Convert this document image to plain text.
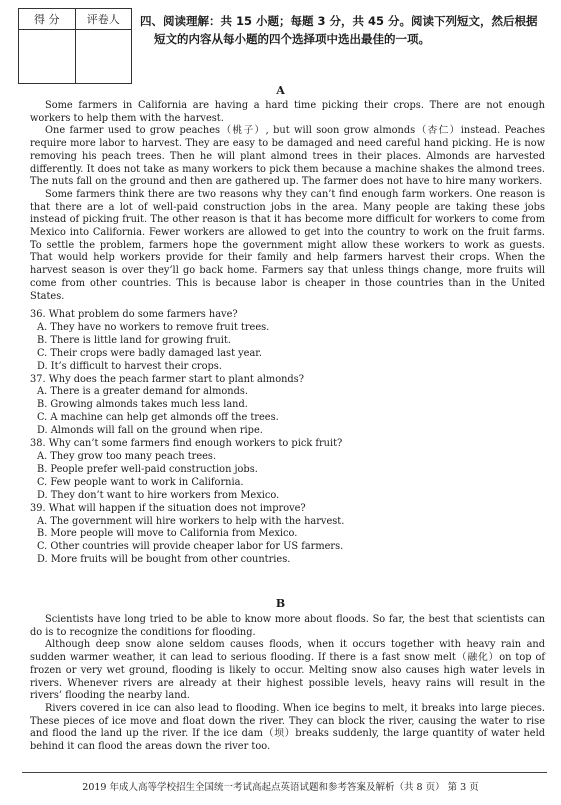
得 分	评卷人	四、阅读理解：共 15 小题；每题 3 分，共 45 分。阅读下列短文，然后根据
短文的内容从每小题的四个选择项中选出最佳的一项。
A

Some farmers in California are having a hard time picking their crops. There are not enough workers to help them with the harvest.

One farmer used to grow peaches（桃子）, but will soon grow almonds（杏仁）instead. Peaches require more labor to harvest. They are easy to be damaged and need careful hand picking. He is now removing his peach trees. Then he will plant almond trees in their places. Almonds are harvested differently. It does not take as many workers to pick them because a machine shakes the almond trees. The nuts fall on the ground and then are gathered up. The farmer does not have to hire many workers.

Some farmers think there are two reasons why they can’t find enough farm workers. One reason is that there are a lot of well-paid construction jobs in the area. Many people are taking these jobs instead of picking fruit. The other reason is that it has become more difficult for workers to come from Mexico into California. Fewer workers are allowed to get into the country to work on the fruit farms. To settle the problem, farmers hope the government might allow these workers to work as guests. That would help workers provide for their family and help farmers harvest their crops. When the harvest season is over they’ll go back home. Farmers say that unless things change, more fruits will come from other countries. This is because labor is cheaper in those countries than in the United States.

36. What problem do some farmers have?

A. They have no workers to remove fruit trees.

B. There is little land for growing fruit.

C. Their crops were badly damaged last year.

D. It’s difficult to harvest their crops.

37. Why does the peach farmer start to plant almonds?

A. There is a greater demand for almonds.

B. Growing almonds takes much less land.

C. A machine can help get almonds off the trees.

D. Almonds will fall on the ground when ripe.

38. Why can’t some farmers find enough workers to pick fruit?

A. They grow too many peach trees.

B. People prefer well-paid construction jobs.

C. Few people want to work in California.

D. They don’t want to hire workers from Mexico.

39. What will happen if the situation does not improve?

A. The government will hire workers to help with the harvest.

B. More people will move to California from Mexico.

C. Other countries will provide cheaper labor for US farmers.

D. More fruits will be bought from other countries.

B

Scientists have long tried to be able to know more about floods. So far, the best that scientists can do is to recognize the conditions for flooding.

Although deep snow alone seldom causes floods, when it occurs together with heavy rain and sudden warmer weather, it can lead to serious flooding. If there is a fast snow melt（融化）on top of frozen or very wet ground, flooding is likely to occur. Melting snow also causes high water levels in rivers. Whenever rivers are already at their highest possible levels, heavy rains will result in the rivers’ flooding the nearby land.

Rivers covered in ice can also lead to flooding. When ice begins to melt, it breaks into large pieces. These pieces of ice move and float down the river. They can block the river, causing the water to rise and flood the land up the river. If the ice dam（坝）breaks suddenly, the large quantity of water held behind it can flood the areas down the river too.

2019 年成人高等学校招生全国统一考试高起点英语试题和参考答案及解析（共 8 页） 第 3 页
